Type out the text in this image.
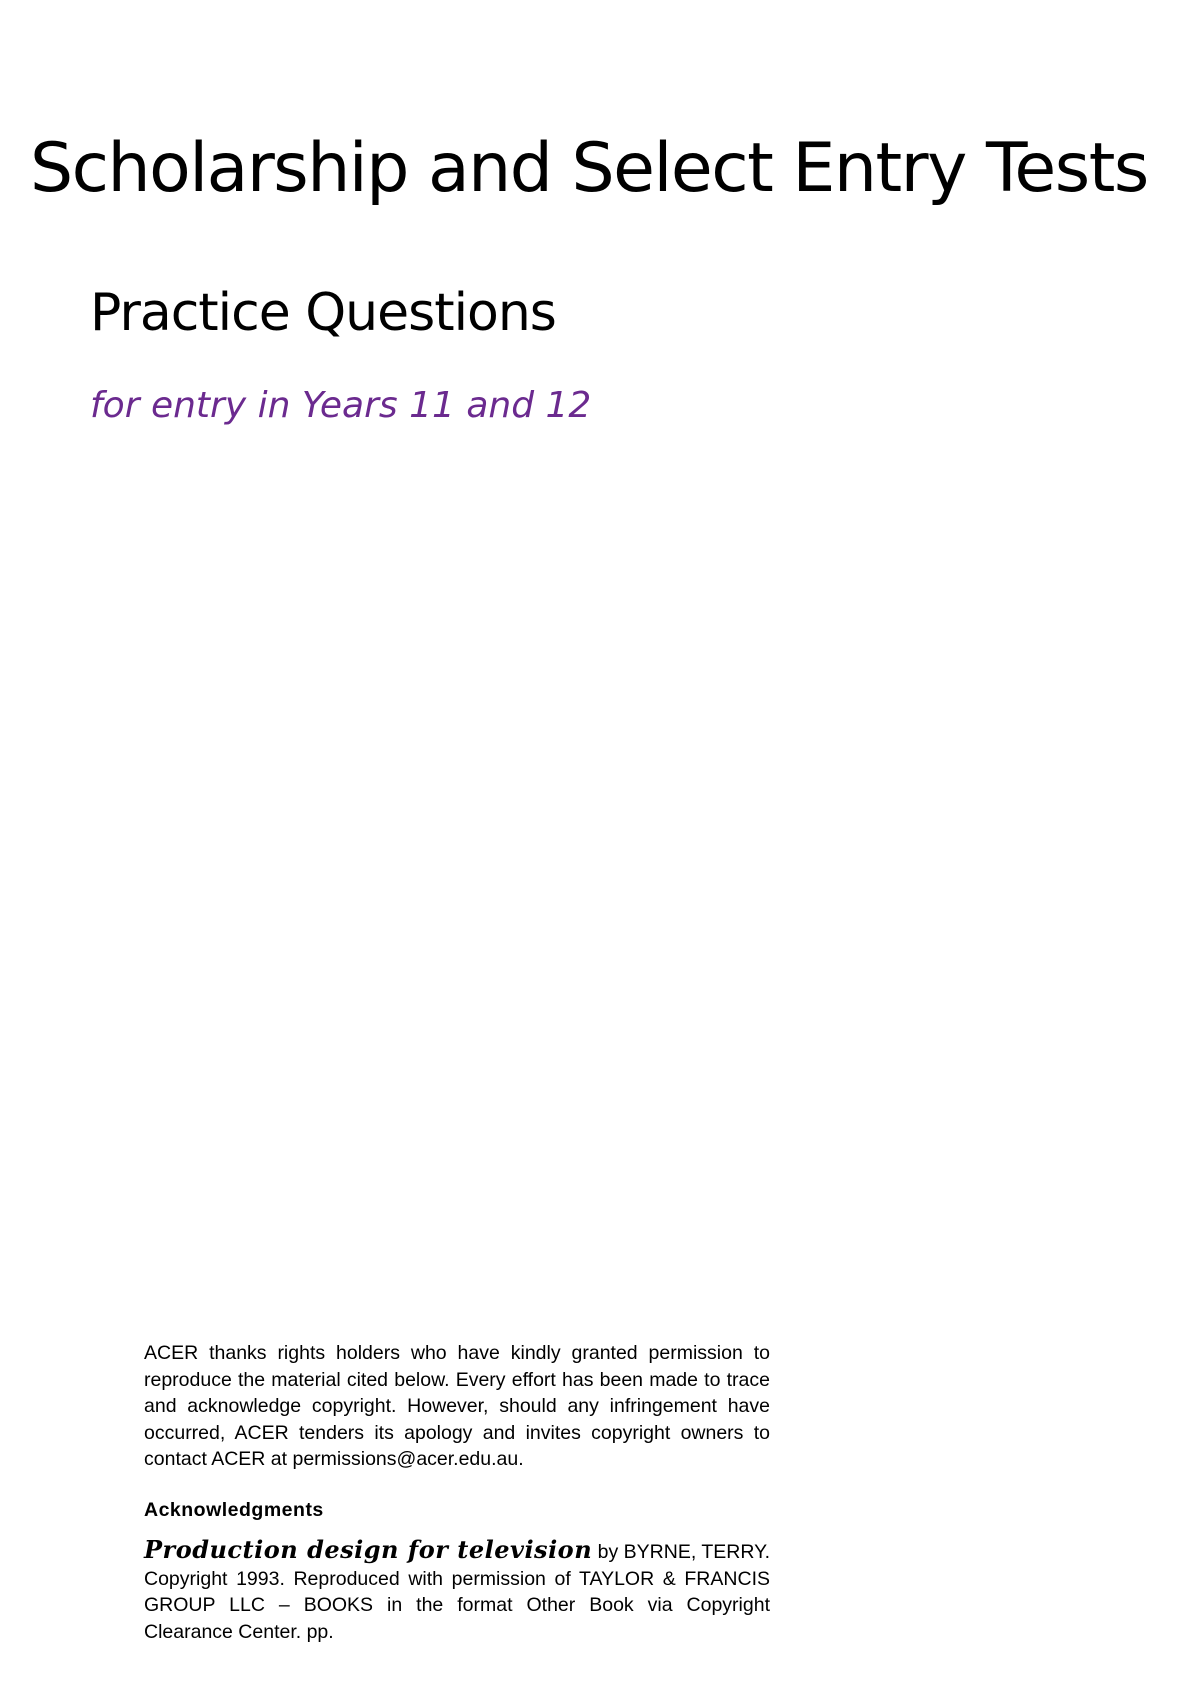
Scholarship and Select Entry Tests
Practice Questions
for entry in Years 11 and 12

ACER thanks rights holders who have kindly granted permission to reproduce the material cited below. Every effort has been made to trace and acknowledge copyright. However, should any infringement have occurred, ACER tenders its apology and invites copyright owners to contact ACER at permissions@acer.edu.au.

Acknowledgments

Production design for television by BYRNE, TERRY. Copyright 1993. Reproduced with permission of TAYLOR & FRANCIS GROUP LLC – BOOKS in the format Other Book via Copyright Clearance Center. pp.
